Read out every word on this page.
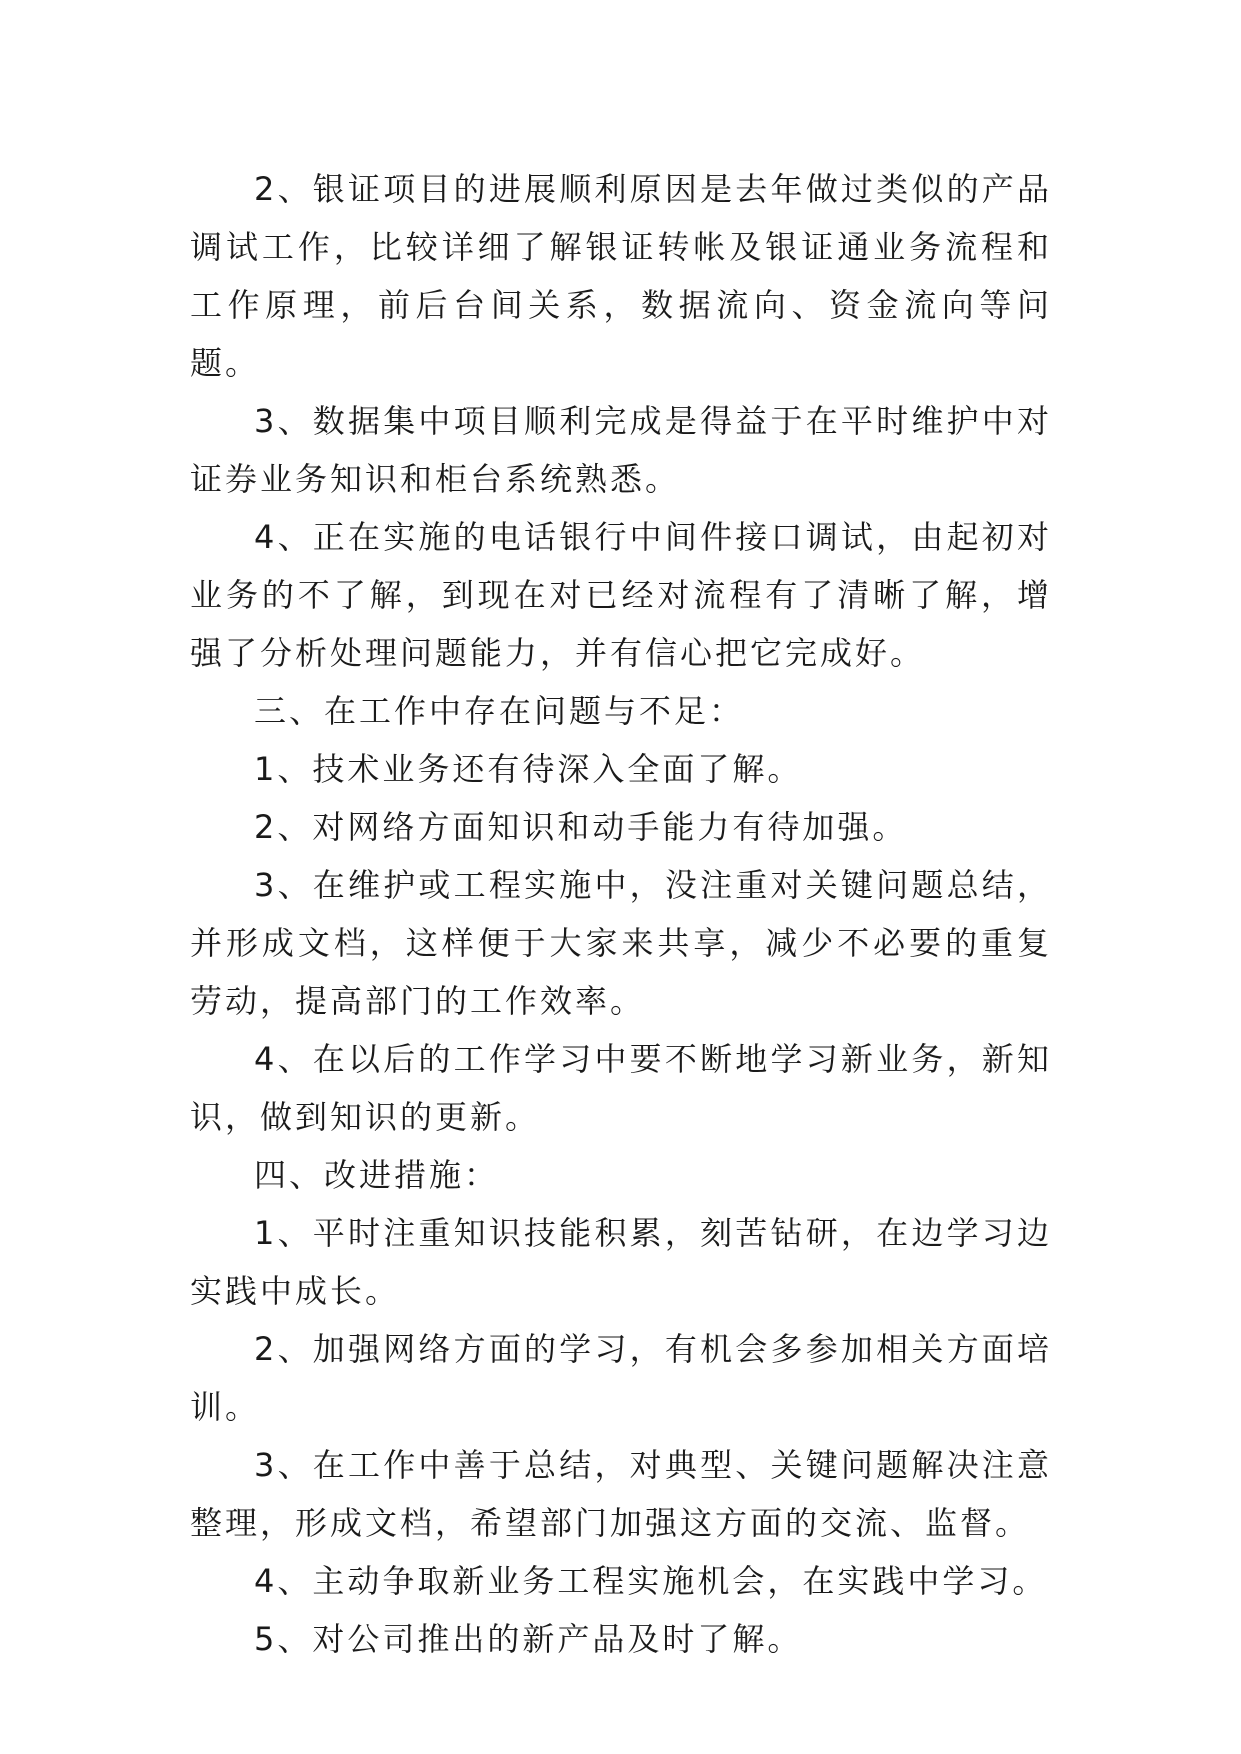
2、银证项目的进展顺利原因是去年做过类似的产品调试工作，比较详细了解银证转帐及银证通业务流程和工作原理，前后台间关系，数据流向、资金流向等问题。

3、数据集中项目顺利完成是得益于在平时维护中对证券业务知识和柜台系统熟悉。

4、正在实施的电话银行中间件接口调试，由起初对业务的不了解，到现在对已经对流程有了清晰了解，增强了分析处理问题能力，并有信心把它完成好。

三、在工作中存在问题与不足：

1、技术业务还有待深入全面了解。

2、对网络方面知识和动手能力有待加强。

3、在维护或工程实施中，没注重对关键问题总结，并形成文档，这样便于大家来共享，减少不必要的重复劳动，提高部门的工作效率。

4、在以后的工作学习中要不断地学习新业务，新知识，做到知识的更新。

四、改进措施：

1、平时注重知识技能积累，刻苦钻研，在边学习边实践中成长。

2、加强网络方面的学习，有机会多参加相关方面培训。

3、在工作中善于总结，对典型、关键问题解决注意整理，形成文档，希望部门加强这方面的交流、监督。

4、主动争取新业务工程实施机会，在实践中学习。

5、对公司推出的新产品及时了解。
